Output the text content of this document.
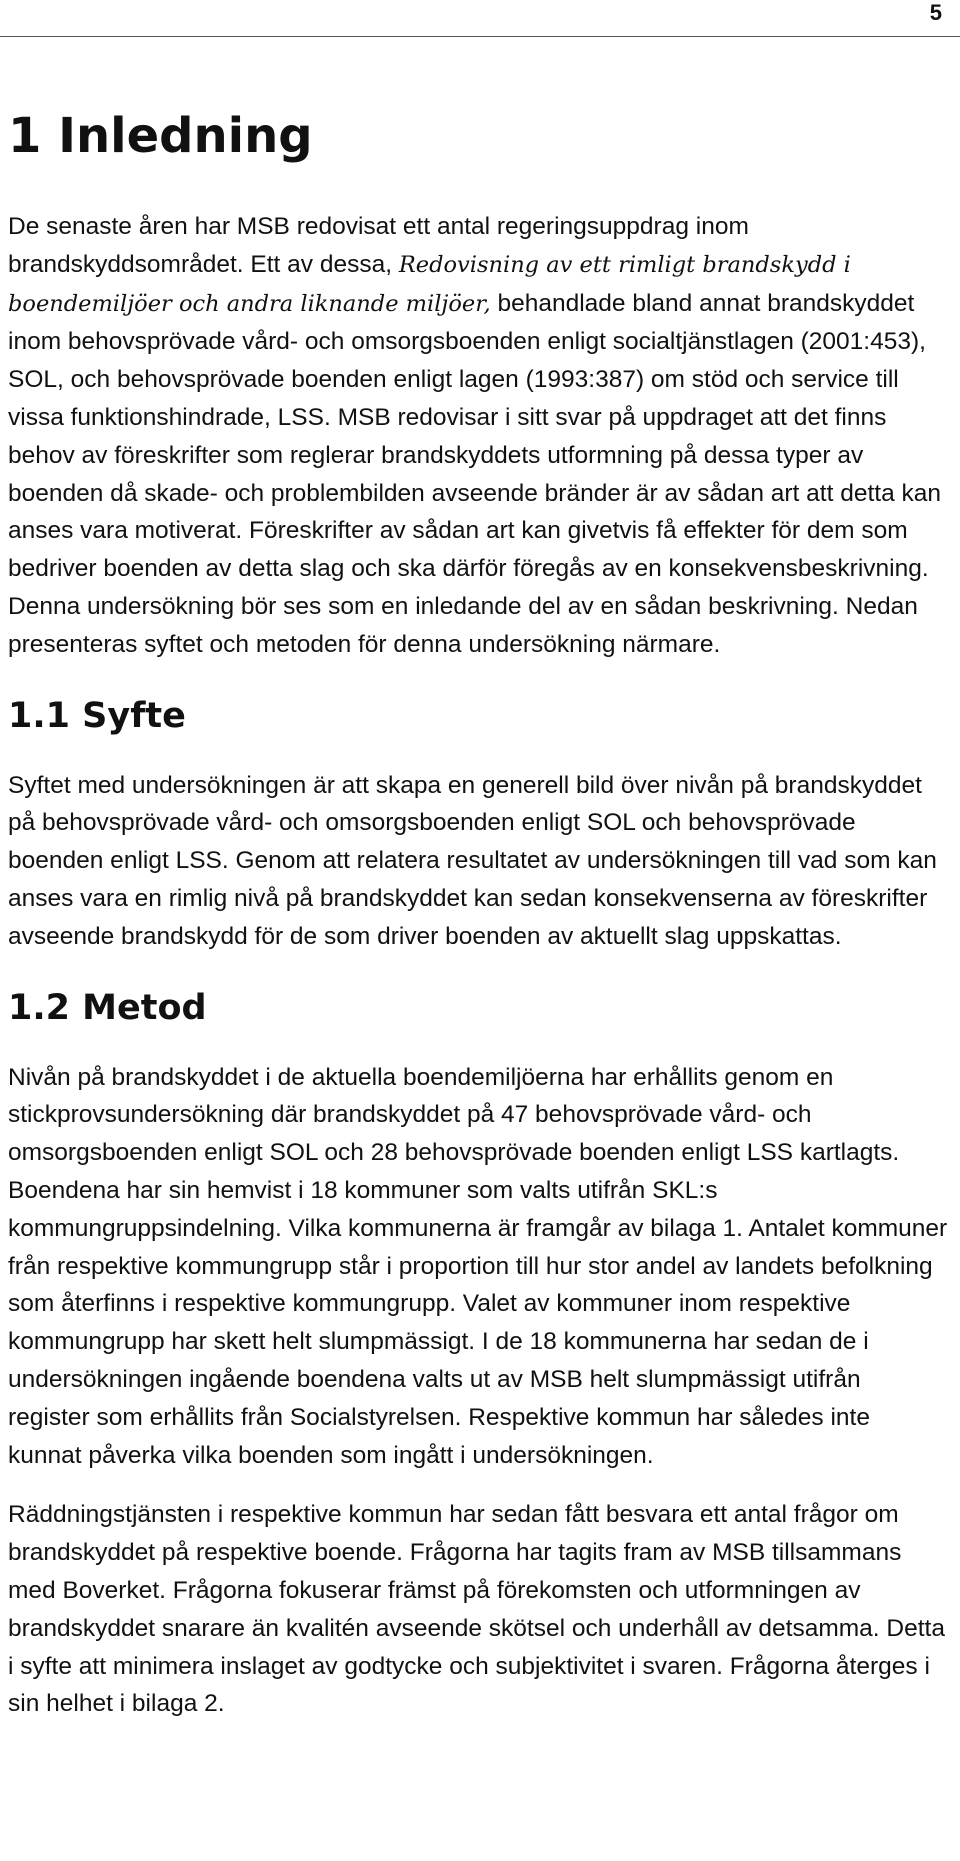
5
1 Inledning

De senaste åren har MSB redovisat ett antal regeringsuppdrag inom brandskyddsområdet. Ett av dessa, Redovisning av ett rimligt brandskydd i boendemiljöer och andra liknande miljöer, behandlade bland annat brandskyddet inom behovsprövade vård- och omsorgsboenden enligt socialtjänstlagen (2001:453), SOL, och behovsprövade boenden enligt lagen (1993:387) om stöd och service till vissa funktionshindrade, LSS. MSB redovisar i sitt svar på uppdraget att det finns behov av föreskrifter som reglerar brandskyddets utformning på dessa typer av boenden då skade- och problembilden avseende bränder är av sådan art att detta kan anses vara motiverat. Föreskrifter av sådan art kan givetvis få effekter för dem som bedriver boenden av detta slag och ska därför föregås av en konsekvensbeskrivning. Denna undersökning bör ses som en inledande del av en sådan beskrivning. Nedan presenteras syftet och metoden för denna undersökning närmare.

1.1 Syfte

Syftet med undersökningen är att skapa en generell bild över nivån på brandskyddet på behovsprövade vård- och omsorgsboenden enligt SOL och behovsprövade boenden enligt LSS. Genom att relatera resultatet av undersökningen till vad som kan anses vara en rimlig nivå på brandskyddet kan sedan konsekvenserna av föreskrifter avseende brandskydd för de som driver boenden av aktuellt slag uppskattas.

1.2 Metod

Nivån på brandskyddet i de aktuella boendemiljöerna har erhållits genom en stickprovsundersökning där brandskyddet på 47 behovsprövade vård- och omsorgsboenden enligt SOL och 28 behovsprövade boenden enligt LSS kartlagts. Boendena har sin hemvist i 18 kommuner som valts utifrån SKL:s kommungruppsindelning. Vilka kommunerna är framgår av bilaga 1. Antalet kommuner från respektive kommungrupp står i proportion till hur stor andel av landets befolkning som återfinns i respektive kommungrupp. Valet av kommuner inom respektive kommungrupp har skett helt slumpmässigt. I de 18 kommunerna har sedan de i undersökningen ingående boendena valts ut av MSB helt slumpmässigt utifrån register som erhållits från Socialstyrelsen. Respektive kommun har således inte kunnat påverka vilka boenden som ingått i undersökningen.

Räddningstjänsten i respektive kommun har sedan fått besvara ett antal frågor om brandskyddet på respektive boende. Frågorna har tagits fram av MSB tillsammans med Boverket. Frågorna fokuserar främst på förekomsten och utformningen av brandskyddet snarare än kvalitén avseende skötsel och underhåll av detsamma. Detta i syfte att minimera inslaget av godtycke och subjektivitet i svaren. Frågorna återges i sin helhet i bilaga 2.
